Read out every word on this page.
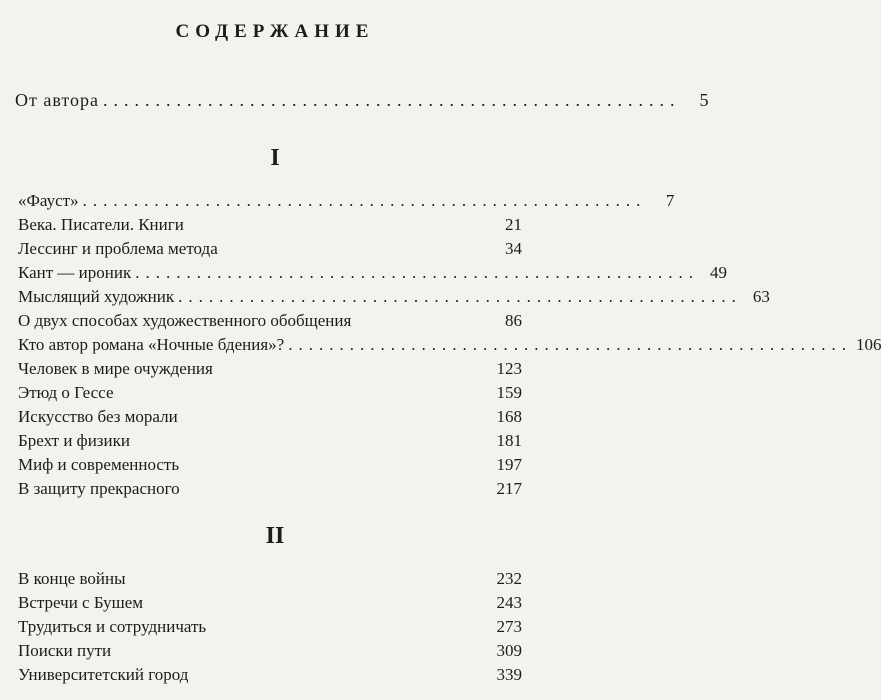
СОДЕРЖАНИЕ
От автора .......................................................	5
I
«Фауст» .......................................................	7
Века. Писатели. Книги	21
Лессинг и проблема метода	34
Кант — ироник ....................................................... 49
Мыслящий художник ....................................................... 63
О двух способах художественного обобщения	86
Кто автор романа «Ночные бдения»? ....................................................... 106
Человек в мире очуждения	123
Этюд о Гессе	159
Искусство без морали	168
Брехт и физики	181
Миф и современность	197
В защиту прекрасного	217
II
В конце войны	232
Встречи с Бушем	243
Трудиться и сотрудничать	273
Поиски пути	309
Университетский город	339
